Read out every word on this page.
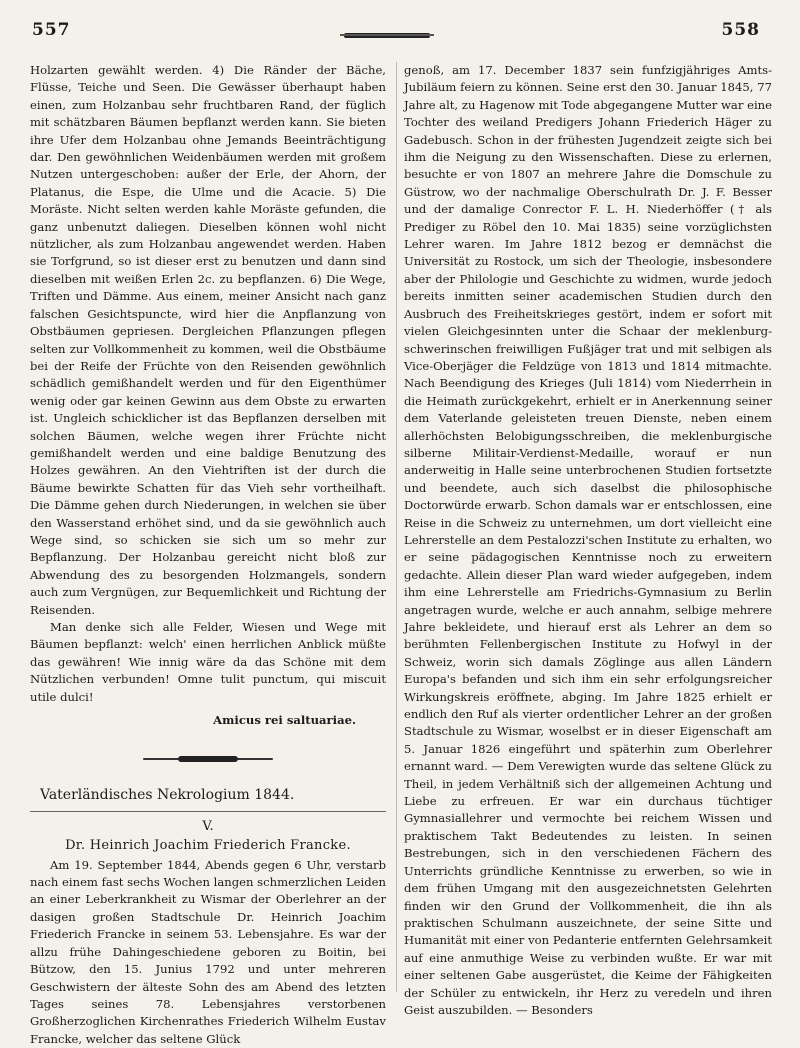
557	558

Holzarten gewählt werden. 4) Die Ränder der Bäche, Flüsse, Teiche und Seen. Die Gewässer überhaupt haben einen, zum Holzanbau sehr fruchtbaren Rand, der füglich mit schätzbaren Bäumen bepflanzt werden kann. Sie bieten ihre Ufer dem Holzanbau ohne Jemands Beeinträchtigung dar. Den gewöhnlichen Weidenbäumen werden mit großem Nutzen untergeschoben: außer der Erle, der Ahorn, der Platanus, die Espe, die Ulme und die Acacie. 5) Die Moräste. Nicht selten werden kahle Moräste gefunden, die ganz unbenutzt daliegen. Dieselben können wohl nicht nützlicher, als zum Holzanbau angewendet werden. Haben sie Torfgrund, so ist dieser erst zu benutzen und dann sind dieselben mit weißen Erlen 2c. zu bepflanzen. 6) Die Wege, Triften und Dämme. Aus einem, meiner Ansicht nach ganz falschen Gesichtspuncte, wird hier die Anpflanzung von Obstbäumen gepriesen. Dergleichen Pflanzungen pflegen selten zur Vollkommenheit zu kommen, weil die Obstbäume bei der Reife der Früchte von den Reisenden gewöhnlich schädlich gemißhandelt werden und für den Eigenthümer wenig oder gar keinen Gewinn aus dem Obste zu erwarten ist. Ungleich schicklicher ist das Bepflanzen derselben mit solchen Bäumen, welche wegen ihrer Früchte nicht gemißhandelt werden und eine baldige Benutzung des Holzes gewähren. An den Viehtriften ist der durch die Bäume bewirkte Schatten für das Vieh sehr vortheilhaft. Die Dämme gehen durch Niederungen, in welchen sie über den Wasserstand erhöhet sind, und da sie gewöhnlich auch Wege sind, so schicken sie sich um so mehr zur Bepflanzung. Der Holzanbau gereicht nicht bloß zur Abwendung des zu besorgenden Holzmangels, sondern auch zum Vergnügen, zur Bequemlichkeit und Richtung der Reisenden.

Man denke sich alle Felder, Wiesen und Wege mit Bäumen bepflanzt: welch' einen herrlichen Anblick müßte das gewähren! Wie innig wäre da das Schöne mit dem Nützlichen verbunden! Omne tulit punctum, qui miscuit utile dulci!

Amicus rei saltuariae.

Vaterländisches Nekrologium 1844.

V.

Dr. Heinrich Joachim Friederich Francke.

Am 19. September 1844, Abends gegen 6 Uhr, verstarb nach einem fast sechs Wochen langen schmerzlichen Leiden an einer Leberkrankheit zu Wismar der Oberlehrer an der dasigen großen Stadtschule Dr. Heinrich Joachim Friederich Francke in seinem 53. Lebensjahre. Es war der allzu frühe Dahingeschiedene geboren zu Boitin, bei Bützow, den 15. Junius 1792 und unter mehreren Geschwistern der älteste Sohn des am Abend des letzten Tages seines 78. Lebensjahres verstorbenen Großherzoglichen Kirchenrathes Friederich Wilhelm Eustav Francke, welcher das seltene Glück

genoß, am 17. December 1837 sein funfzigjähriges Amts-Jubiläum feiern zu können. Seine erst den 30. Januar 1845, 77 Jahre alt, zu Hagenow mit Tode abgegangene Mutter war eine Tochter des weiland Predigers Johann Friederich Häger zu Gadebusch. Schon in der frühesten Jugendzeit zeigte sich bei ihm die Neigung zu den Wissenschaften. Diese zu erlernen, besuchte er von 1807 an mehrere Jahre die Domschule zu Güstrow, wo der nachmalige Oberschulrath Dr. J. F. Besser und der damalige Conrector F. L. H. Niederhöffer († als Prediger zu Röbel den 10. Mai 1835) seine vorzüglichsten Lehrer waren. Im Jahre 1812 bezog er demnächst die Universität zu Rostock, um sich der Theologie, insbesondere aber der Philologie und Geschichte zu widmen, wurde jedoch bereits inmitten seiner academischen Studien durch den Ausbruch des Freiheitskrieges gestört, indem er sofort mit vielen Gleichgesinnten unter die Schaar der meklenburg-schwerinschen freiwilligen Fußjäger trat und mit selbigen als Vice-Oberjäger die Feldzüge von 1813 und 1814 mitmachte. Nach Beendigung des Krieges (Juli 1814) vom Niederrhein in die Heimath zurückgekehrt, erhielt er in Anerkennung seiner dem Vaterlande geleisteten treuen Dienste, neben einem allerhöchsten Belobigungsschreiben, die meklenburgische silberne Militair-Verdienst-Medaille, worauf er nun anderweitig in Halle seine unterbrochenen Studien fortsetzte und beendete, auch sich daselbst die philosophische Doctorwürde erwarb. Schon damals war er entschlossen, eine Reise in die Schweiz zu unternehmen, um dort vielleicht eine Lehrerstelle an dem Pestalozzi'schen Institute zu erhalten, wo er seine pädagogischen Kenntnisse noch zu erweitern gedachte. Allein dieser Plan ward wieder aufgegeben, indem ihm eine Lehrerstelle am Friedrichs-Gymnasium zu Berlin angetragen wurde, welche er auch annahm, selbige mehrere Jahre bekleidete, und hierauf erst als Lehrer an dem so berühmten Fellenbergischen Institute zu Hofwyl in der Schweiz, worin sich damals Zöglinge aus allen Ländern Europa's befanden und sich ihm ein sehr erfolgungsreicher Wirkungskreis eröffnete, abging. Im Jahre 1825 erhielt er endlich den Ruf als vierter ordentlicher Lehrer an der großen Stadtschule zu Wismar, woselbst er in dieser Eigenschaft am 5. Januar 1826 eingeführt und späterhin zum Oberlehrer ernannt ward. — Dem Verewigten wurde das seltene Glück zu Theil, in jedem Verhältniß sich der allgemeinen Achtung und Liebe zu erfreuen. Er war ein durchaus tüchtiger Gymnasiallehrer und vermochte bei reichem Wissen und praktischem Takt Bedeutendes zu leisten. In seinen Bestrebungen, sich in den verschiedenen Fächern des Unterrichts gründliche Kenntnisse zu erwerben, so wie in dem frühen Umgang mit den ausgezeichnetsten Gelehrten finden wir den Grund der Vollkommenheit, die ihn als praktischen Schulmann auszeichnete, der seine Sitte und Humanität mit einer von Pedanterie entfernten Gelehrsamkeit auf eine anmuthige Weise zu verbinden wußte. Er war mit einer seltenen Gabe ausgerüstet, die Keime der Fähigkeiten der Schüler zu entwickeln, ihr Herz zu veredeln und ihren Geist auszubilden. — Besonders
